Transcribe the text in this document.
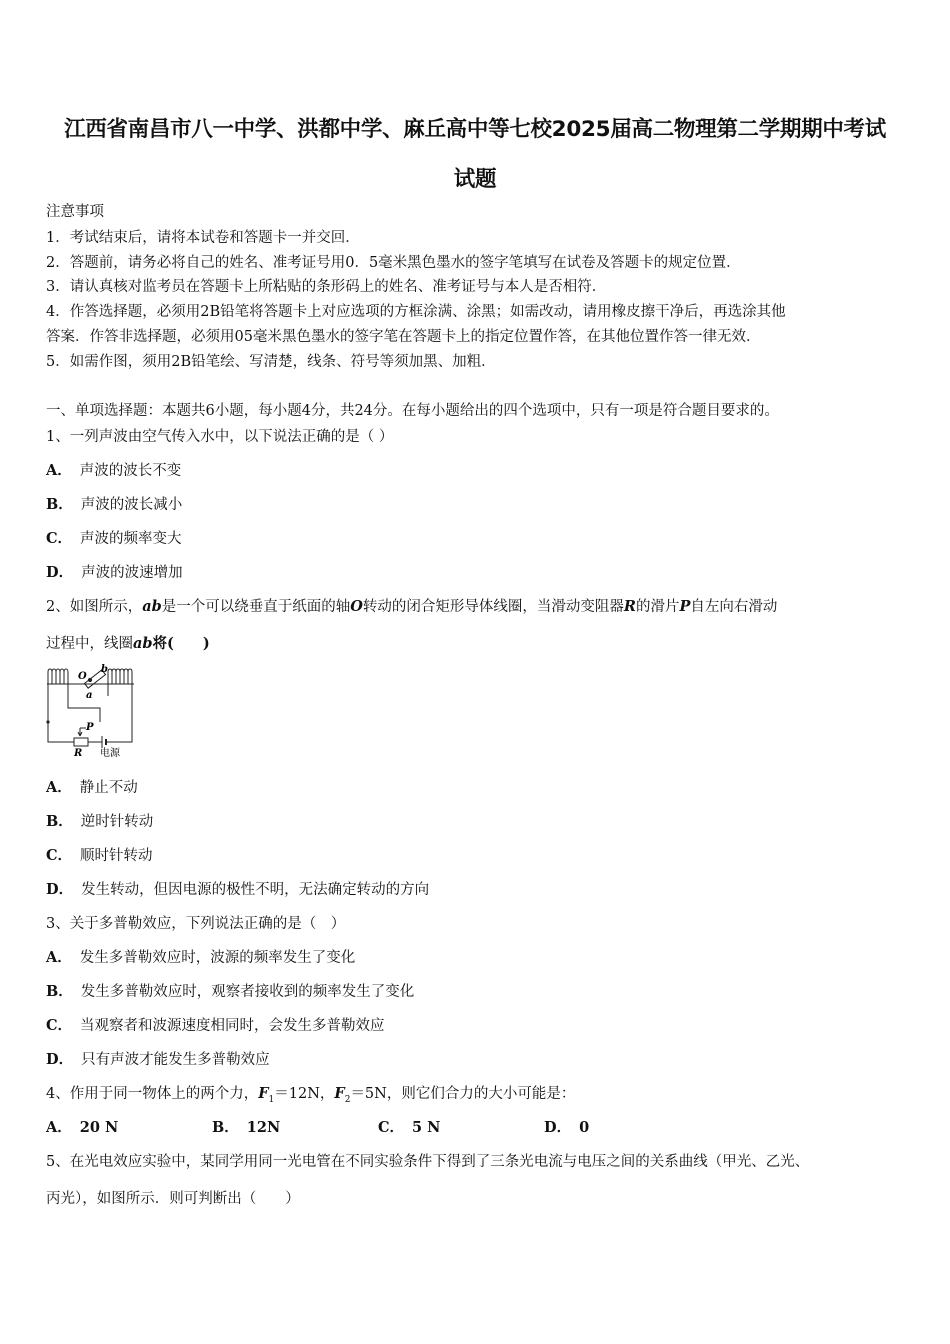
江西省南昌市八一中学、洪都中学、麻丘高中等七校2025届高二物理第二学期期中考试
试题
注意事项
1．考试结束后，请将本试卷和答题卡一并交回．
2．答题前，请务必将自己的姓名、准考证号用0．5毫米黑色墨水的签字笔填写在试卷及答题卡的规定位置．
3．请认真核对监考员在答题卡上所粘贴的条形码上的姓名、准考证号与本人是否相符．
4．作答选择题，必须用2B铅笔将答题卡上对应选项的方框涂满、涂黑；如需改动，请用橡皮擦干净后，再选涂其他
答案．作答非选择题，必须用05毫米黑色墨水的签字笔在答题卡上的指定位置作答，在其他位置作答一律无效．
5．如需作图，须用2B铅笔绘、写清楚，线条、符号等须加黑、加粗．
一、单项选择题：本题共6小题，每小题4分，共24分。在每小题给出的四个选项中，只有一项是符合题目要求的。
1、一列声波由空气传入水中，以下说法正确的是（ ）
A． 声波的波长不变
B． 声波的波长减小
C． 声波的频率变大
D． 声波的波速增加
2、如图所示，ab是一个可以绕垂直于纸面的轴O转动的闭合矩形导体线圈，当滑动变阻器R的滑片P自左向右滑动
过程中，线圈ab将(　　)
O
b
a
P
R 电源
A． 静止不动
B． 逆时针转动
C． 顺时针转动
D． 发生转动，但因电源的极性不明，无法确定转动的方向
3、关于多普勒效应，下列说法正确的是（　）
A． 发生多普勒效应时，波源的频率发生了变化
B． 发生多普勒效应时，观察者接收到的频率发生了变化
C． 当观察者和波源速度相同时，会发生多普勒效应
D． 只有声波才能发生多普勒效应
4、作用于同一物体上的两个力，$F_1=12N$，$F_2=5N$，则它们合力的大小可能是：
A． 20 N	B． 12N	C． 5 N	D． 0
5、在光电效应实验中，某同学用同一光电管在不同实验条件下得到了三条光电流与电压之间的关系曲线（甲光、乙光、
丙光），如图所示．则可判断出（　　）
